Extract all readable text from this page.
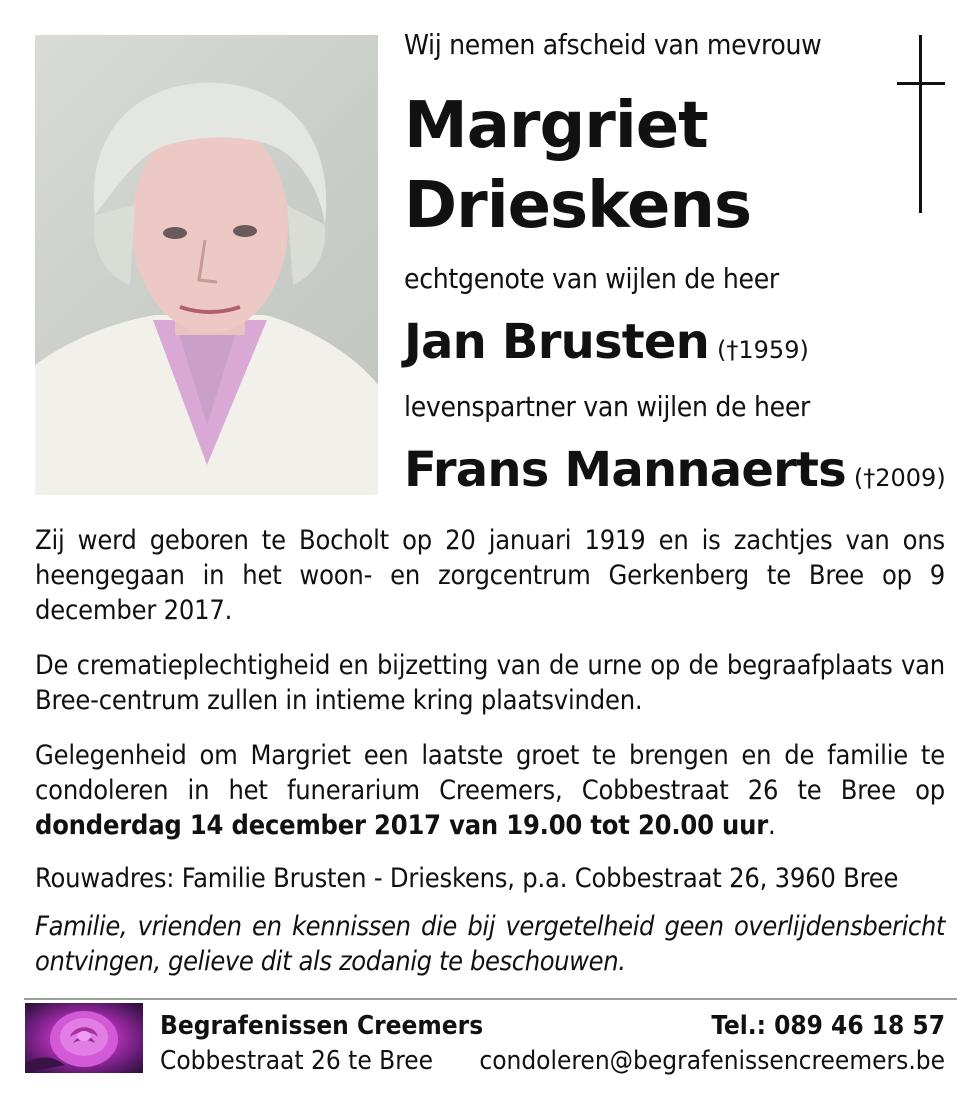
Wij nemen afscheid van mevrouw
Margriet
Drieskens
echtgenote van wijlen de heer
Jan Brusten (†1959)
levenspartner van wijlen de heer
Frans Mannaerts (†2009)
Zij werd geboren te Bocholt op 20 januari 1919 en is zachtjes van ons heengegaan in het woon- en zorgcentrum Gerkenberg te Bree op 9 december 2017.
De crematieplechtigheid en bijzetting van de urne op de begraafplaats van Bree-centrum zullen in intieme kring plaatsvinden.
Gelegenheid om Margriet een laatste groet te brengen en de familie te condoleren in het funerarium Creemers, Cobbestraat 26 te Bree op donderdag 14 december 2017 van 19.00 tot 20.00 uur.
Rouwadres: Familie Brusten - Drieskens, p.a. Cobbestraat 26, 3960 Bree
Familie, vrienden en kennissen die bij vergetelheid geen overlijdensbericht ontvingen, gelieve dit als zodanig te beschouwen.
Begrafenissen Creemers
Cobbestraat 26 te Bree
Tel.: 089 46 18 57
condoleren@begrafenissencreemers.be
